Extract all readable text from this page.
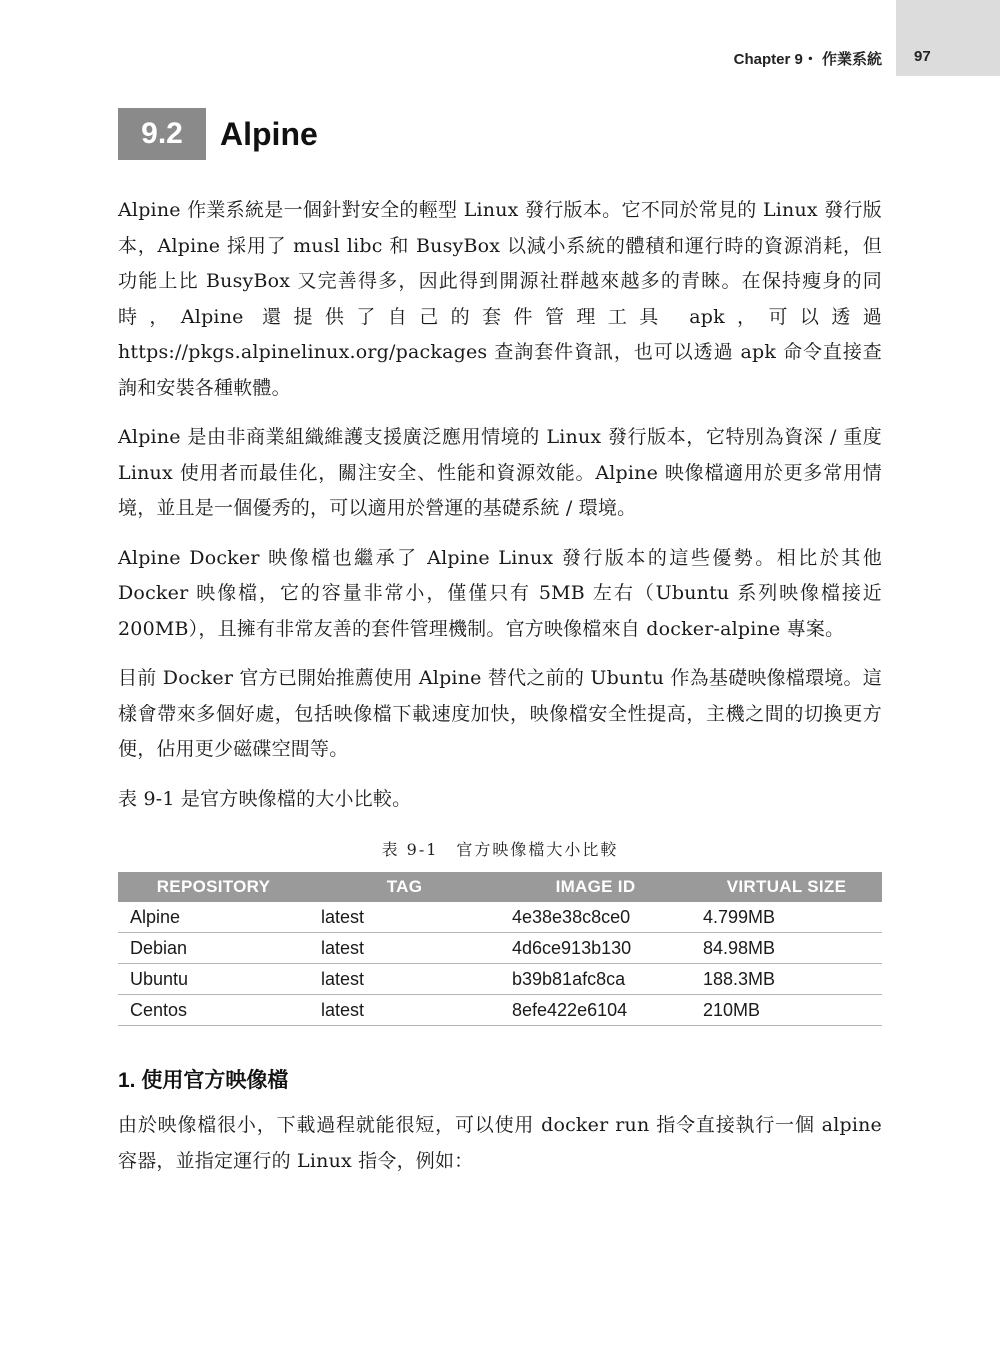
Chapter 9・ 作業系統 97
9.2	Alpine

Alpine 作業系統是一個針對安全的輕型 Linux 發行版本。它不同於常見的 Linux 發行版本，Alpine 採用了 musl libc 和 BusyBox 以減小系統的體積和運行時的資源消耗，但功能上比 BusyBox 又完善得多，因此得到開源社群越來越多的青睞。在保持瘦身的同時，Alpine 還提供了自己的套件管理工具 apk，可以透過 https://pkgs.alpinelinux.org/packages 查詢套件資訊，也可以透過 apk 命令直接查詢和安裝各種軟體。

Alpine 是由非商業組織維護支援廣泛應用情境的 Linux 發行版本，它特別為資深 / 重度 Linux 使用者而最佳化，關注安全、性能和資源效能。Alpine 映像檔適用於更多常用情境，並且是一個優秀的，可以適用於營運的基礎系統 / 環境。

Alpine Docker 映像檔也繼承了 Alpine Linux 發行版本的這些優勢。相比於其他 Docker 映像檔，它的容量非常小，僅僅只有 5MB 左右（Ubuntu 系列映像檔接近 200MB），且擁有非常友善的套件管理機制。官方映像檔來自 docker-alpine 專案。

目前 Docker 官方已開始推薦使用 Alpine 替代之前的 Ubuntu 作為基礎映像檔環境。這樣會帶來多個好處，包括映像檔下載速度加快，映像檔安全性提高，主機之間的切換更方便，佔用更少磁碟空間等。

表 9-1 是官方映像檔的大小比較。

表 9-1　官方映像檔大小比較
REPOSITORY	TAG	IMAGE ID	VIRTUAL SIZE
Alpine	latest	4e38e38c8ce0	4.799MB
Debian	latest	4d6ce913b130	84.98MB
Ubuntu	latest	b39b81afc8ca	188.3MB
Centos	latest	8efe422e6104	210MB
1. 使用官方映像檔

由於映像檔很小，下載過程就能很短，可以使用 docker run 指令直接執行一個 alpine 容器，並指定運行的 Linux 指令，例如：
